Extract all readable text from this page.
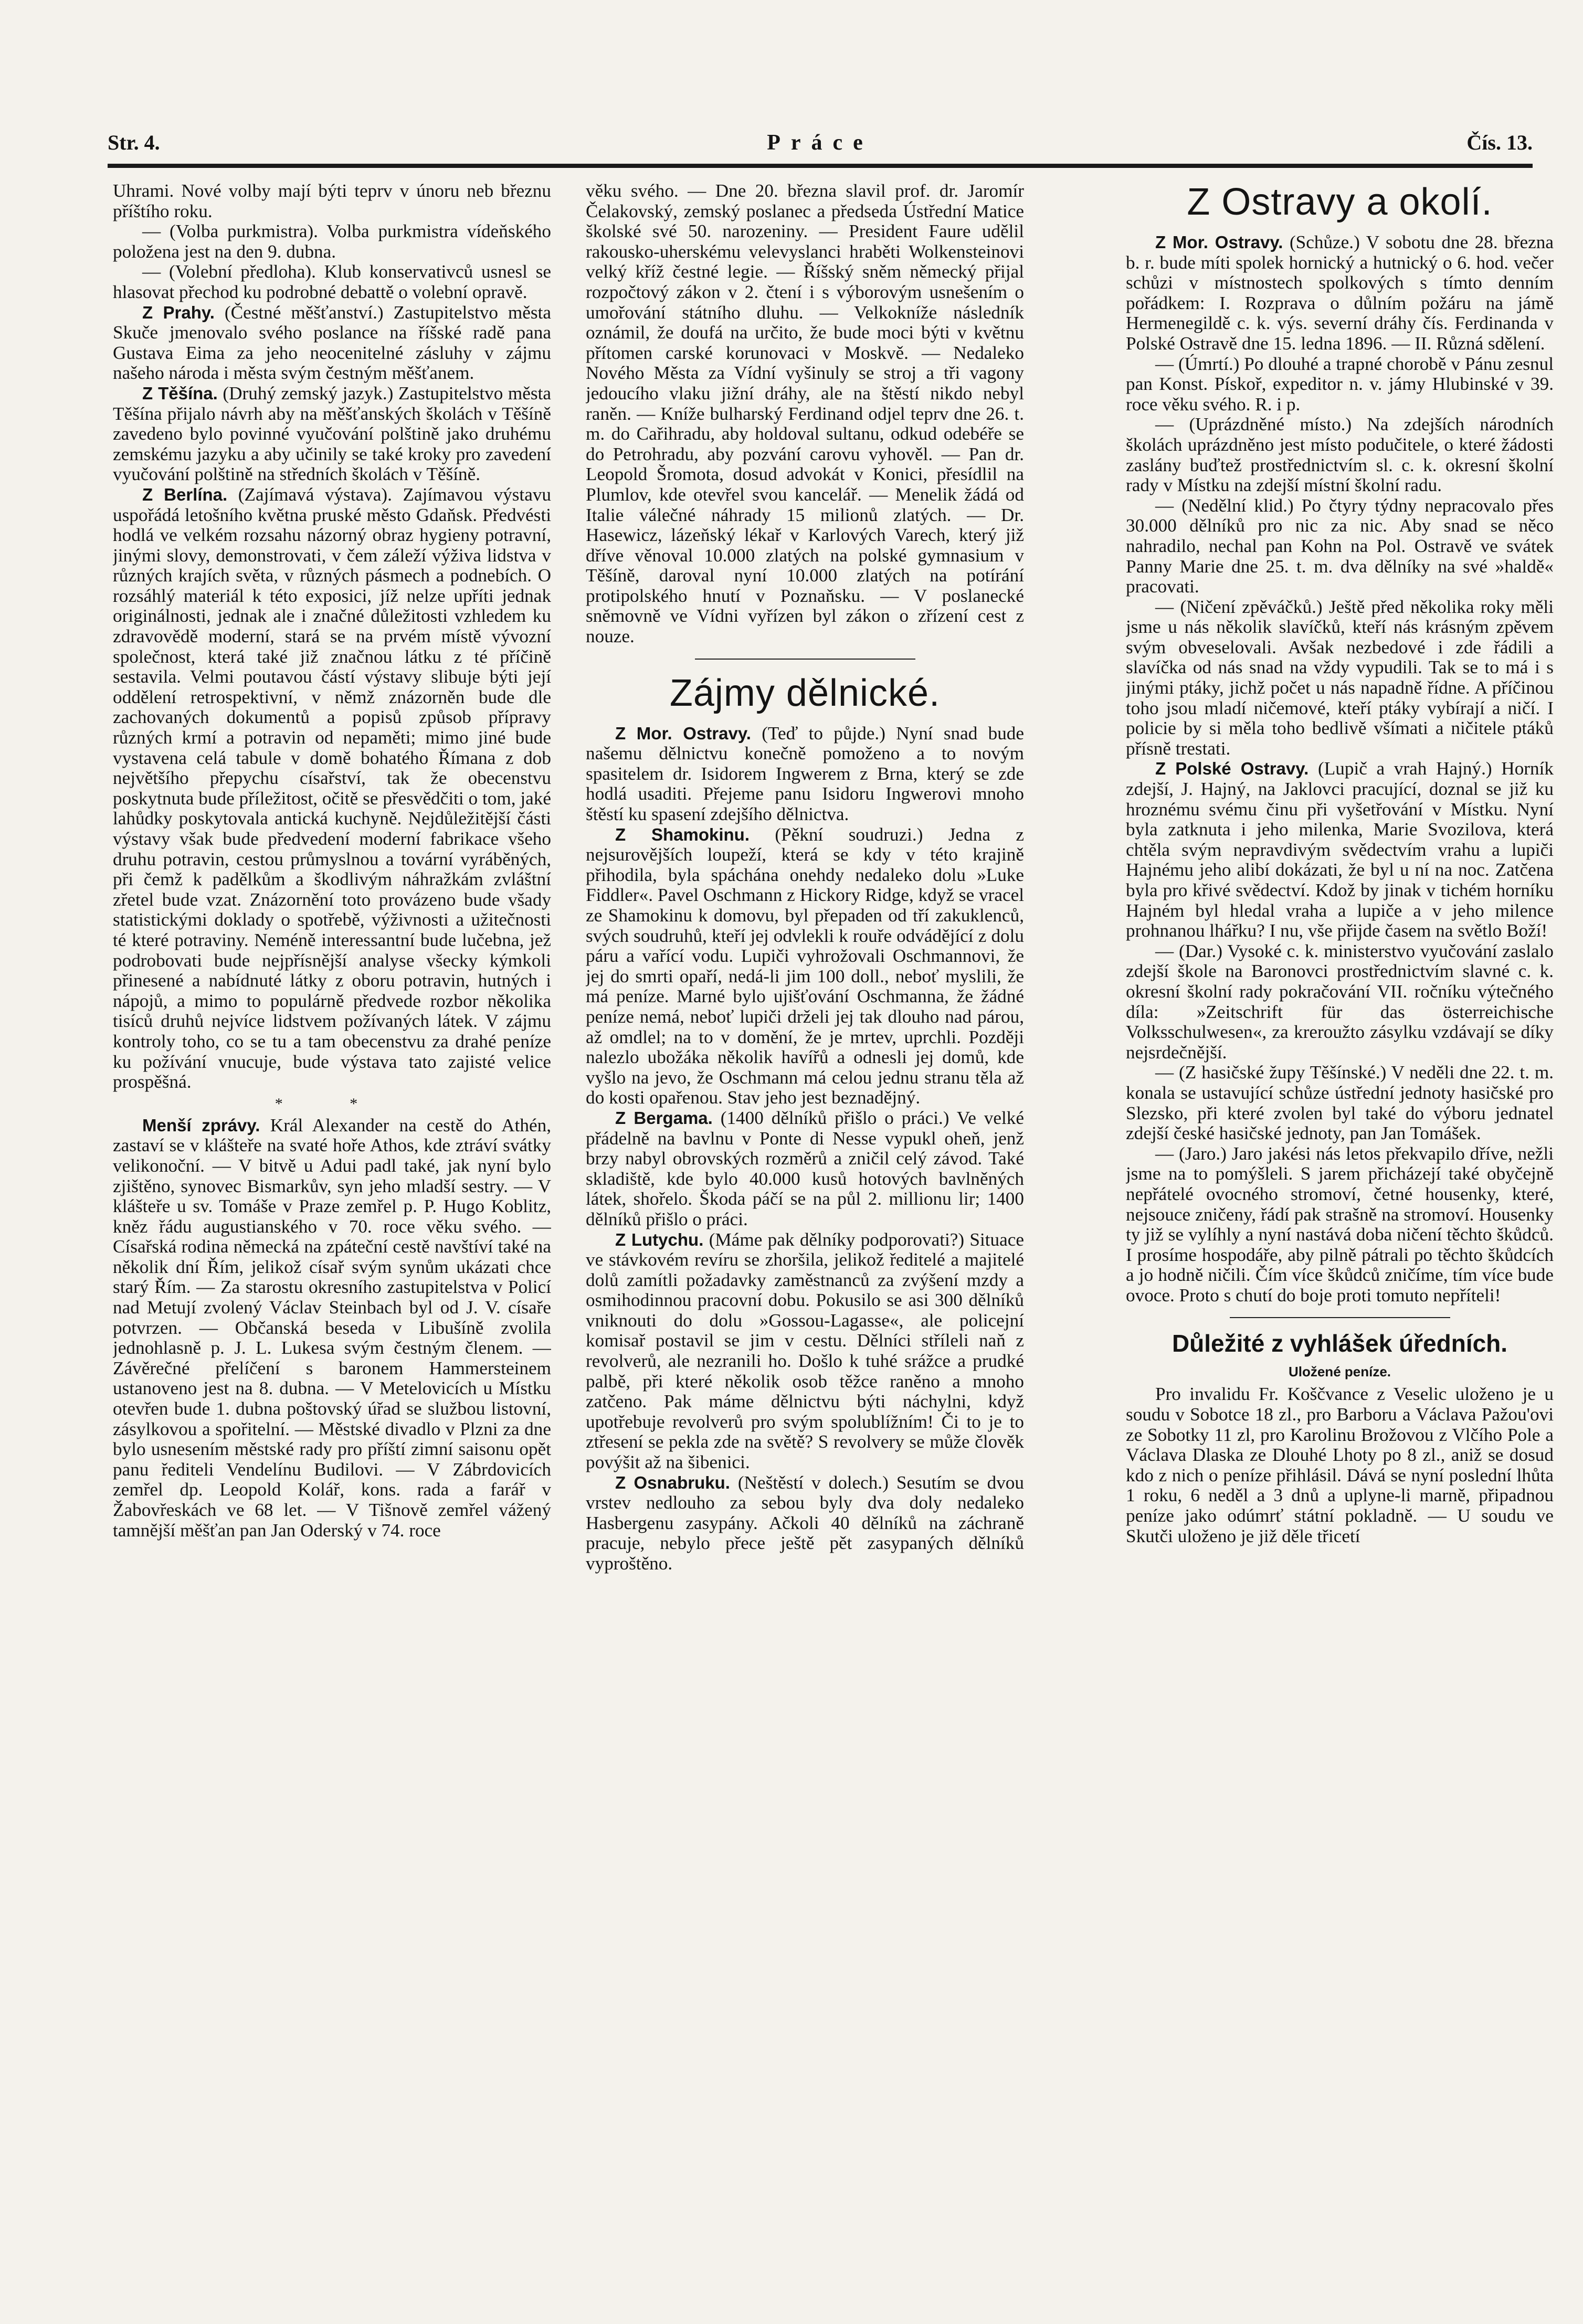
Str. 4.	Práce	Čís. 13.

Uhrami. Nové volby mají býti teprv v únoru neb březnu příštího roku.

— (Volba purkmistra). Volba purkmistra vídeňského položena jest na den 9. dubna.

— (Volební předloha). Klub konservativců usnesl se hlasovat přechod ku podrobné debattě o volební opravě.

Z Prahy. (Čestné měšťanství.) Zastupitelstvo města Skuče jmenovalo svého poslance na říšské radě pana Gustava Eima za jeho neocenitelné zásluhy v zájmu našeho národa i města svým čestným měšťanem.

Z Těšína. (Druhý zemský jazyk.) Zastupitelstvo města Těšína přijalo návrh aby na měšťanských školách v Těšíně zavedeno bylo povinné vyučování polštině jako druhému zemskému jazyku a aby učinily se také kroky pro zavedení vyučování polštině na středních školách v Těšíně.

Z Berlína. (Zajímavá výstava). Zajímavou výstavu uspořádá letošního května pruské město Gdaňsk. Předvésti hodlá ve velkém rozsahu názorný obraz hygieny potravní, jinými slovy, demonstrovati, v čem záleží výživa lidstva v různých krajích světa, v různých pásmech a podnebích. O rozsáhlý materiál k této exposici, jíž nelze upříti jednak originálnosti, jednak ale i značné důležitosti vzhledem ku zdravovědě moderní, stará se na prvém místě vývozní společnost, která také již značnou látku z té příčině sestavila. Velmi poutavou částí výstavy slibuje býti její oddělení retrospektivní, v němž znázorněn bude dle zachovaných dokumentů a popisů způsob přípravy různých krmí a potravin od nepaměti; mimo jiné bude vystavena celá tabule v domě bohatého Římana z dob největšího přepychu císařství, tak že obecenstvu poskytnuta bude příležitost, očitě se přesvědčiti o tom, jaké lahůdky poskytovala antická kuchyně. Nejdůležitější části výstavy však bude předvedení moderní fabrikace všeho druhu potravin, cestou průmyslnou a tovární vyráběných, při čemž k padělkům a škodlivým náhražkám zvláštní zřetel bude vzat. Znázornění toto provázeno bude všady statistickými doklady o spotřebě, výživnosti a užitečnosti té které potraviny. Neméně interessantní bude lučebna, jež podrobovati bude nejpřísnější analyse všecky kýmkoli přinesené a nabídnuté látky z oboru potravin, hutných i nápojů, a mimo to populárně předvede rozbor několika tisíců druhů nejvíce lidstvem požívaných látek. V zájmu kontroly toho, co se tu a tam obecenstvu za drahé peníze ku požívání vnucuje, bude výstava tato zajisté velice prospěšná.

* *

Menší zprávy. Král Alexander na cestě do Athén, zastaví se v klášteře na svaté hoře Athos, kde ztráví svátky velikonoční. — V bitvě u Adui padl také, jak nyní bylo zjištěno, synovec Bismarkův, syn jeho mladší sestry. — V klášteře u sv. Tomáše v Praze zemřel p. P. Hugo Koblitz, kněz řádu augustianského v 70. roce věku svého. — Císařská rodina německá na zpáteční cestě navštíví také na několik dní Řím, jelikož císař svým synům ukázati chce starý Řím. — Za starostu okresního zastupitelstva v Policí nad Metují zvolený Václav Steinbach byl od J. V. císaře potvrzen. — Občanská beseda v Libušíně zvolila jednohlasně p. J. L. Lukesa svým čestným členem. — Závěrečné přelíčení s baronem Hammersteinem ustanoveno jest na 8. dubna. — V Metelovicích u Místku otevřen bude 1. dubna poštovský úřad se službou listovní, zásylkovou a spořitelní. — Městské divadlo v Plzni za dne bylo usnesením městské rady pro příští zimní saisonu opět panu řediteli Vendelínu Budilovi. — V Zábrdovicích zemřel dp. Leopold Kolář, kons. rada a farář v Žabovřeskách ve 68 let. — V Tišnově zemřel vážený tamnější měšťan pan Jan Oderský v 74. roce

věku svého. — Dne 20. března slavil prof. dr. Jaromír Čelakovský, zemský poslanec a předseda Ústřední Matice školské své 50. narozeniny. — President Faure udělil rakousko-uherskému velevyslanci hraběti Wolkensteinovi velký kříž čestné legie. — Říšský sněm německý přijal rozpočtový zákon v 2. čtení i s výborovým usnešením o umořování státního dluhu. — Velkokníže následník oznámil, že doufá na určito, že bude moci býti v květnu přítomen carské korunovaci v Moskvě. — Nedaleko Nového Města za Vídní vyšinuly se stroj a tři vagony jedoucího vlaku jižní dráhy, ale na štěstí nikdo nebyl raněn. — Kníže bulharský Ferdinand odjel teprv dne 26. t. m. do Cařihradu, aby holdoval sultanu, odkud odebéře se do Petrohradu, aby pozvání carovu vyhověl. — Pan dr. Leopold Šromota, dosud advokát v Konici, přesídlil na Plumlov, kde otevřel svou kancelář. — Menelik žádá od Italie válečné náhrady 15 milionů zlatých. — Dr. Hasewicz, lázeňský lékař v Karlových Varech, který již dříve věnoval 10.000 zlatých na polské gymnasium v Těšíně, daroval nyní 10.000 zlatých na potírání protipolského hnutí v Poznaňsku. — V poslanecké sněmovně ve Vídni vyřízen byl zákon o zřízení cest z nouze.

Zájmy dělnické.

Z Mor. Ostravy. (Teď to půjde.) Nyní snad bude našemu dělnictvu konečně pomoženo a to novým spasitelem dr. Isidorem Ingwerem z Brna, který se zde hodlá usaditi. Přejeme panu Isidoru Ingwerovi mnoho štěstí ku spasení zdejšího dělnictva.

Z Shamokinu. (Pěkní soudruzi.) Jedna z nejsurovějších loupeží, která se kdy v této krajině přihodila, byla spáchána onehdy nedaleko dolu »Luke Fiddler«. Pavel Oschmann z Hickory Ridge, když se vracel ze Shamokinu k domovu, byl přepaden od tří zakuklenců, svých soudruhů, kteří jej odvlekli k rouře odvádějící z dolu páru a vařící vodu. Lupiči vyhrožovali Oschmannovi, že jej do smrti opaří, nedá-li jim 100 doll., neboť myslili, že má peníze. Marné bylo ujišťování Oschmanna, že žádné peníze nemá, neboť lupiči drželi jej tak dlouho nad párou, až omdlel; na to v domění, že je mrtev, uprchli. Později nalezlo ubožáka několik havířů a odnesli jej domů, kde vyšlo na jevo, že Oschmann má celou jednu stranu těla až do kosti opařenou. Stav jeho jest beznadějný.

Z Bergama. (1400 dělníků přišlo o práci.) Ve velké přádelně na bavlnu v Ponte di Nesse vypukl oheň, jenž brzy nabyl obrovských rozměrů a zničil celý závod. Také skladiště, kde bylo 40.000 kusů hotových bavlněných látek, shořelo. Škoda páčí se na půl 2. millionu lir; 1400 dělníků přišlo o práci.

Z Lutychu. (Máme pak dělníky podporovati?) Situace ve stávkovém revíru se zhoršila, jelikož ředitelé a majitelé dolů zamítli požadavky zaměstnanců za zvýšení mzdy a osmihodinnou pracovní dobu. Pokusilo se asi 300 dělníků vniknouti do dolu »Gossou-Lagasse«, ale policejní komisař postavil se jim v cestu. Dělníci stříleli naň z revolverů, ale nezranili ho. Došlo k tuhé srážce a prudké palbě, při které několik osob těžce raněno a mnoho zatčeno. Pak máme dělnictvu býti náchylni, když upotřebuje revolverů pro svým spolublížním! Či to je to ztřesení se pekla zde na světě? S revolvery se může člověk povýšit až na šibenici.

Z Osnabruku. (Neštěstí v dolech.) Sesutím se dvou vrstev nedlouho za sebou byly dva doly nedaleko Hasbergenu zasypány. Ačkoli 40 dělníků na záchraně pracuje, nebylo přece ještě pět zasypaných dělníků vyproštěno.

Z Ostravy a okolí.

Z Mor. Ostravy. (Schůze.) V sobotu dne 28. března b. r. bude míti spolek hornický a hutnický o 6. hod. večer schůzi v místnostech spolkových s tímto denním pořádkem: I. Rozprava o důlním požáru na jámě Hermenegildě c. k. výs. severní dráhy čís. Ferdinanda v Polské Ostravě dne 15. ledna 1896. — II. Různá sdělení.

— (Úmrtí.) Po dlouhé a trapné chorobě v Pánu zesnul pan Konst. Pískoř, expeditor n. v. jámy Hlubinské v 39. roce věku svého. R. i p.

— (Uprázdněné místo.) Na zdejších národních školách uprázdněno jest místo podučitele, o které žádosti zaslány buďtež prostřednictvím sl. c. k. okresní školní rady v Místku na zdejší místní školní radu.

— (Nedělní klid.) Po čtyry týdny nepracovalo přes 30.000 dělníků pro nic za nic. Aby snad se něco nahradilo, nechal pan Kohn na Pol. Ostravě ve svátek Panny Marie dne 25. t. m. dva dělníky na své »haldě« pracovati.

— (Ničení zpěváčků.) Ještě před několika roky měli jsme u nás několik slavíčků, kteří nás krásným zpěvem svým obveselovali. Avšak nezbedové i zde řádili a slavíčka od nás snad na vždy vypudili. Tak se to má i s jinými ptáky, jichž počet u nás napadně řídne. A příčinou toho jsou mladí ničemové, kteří ptáky vybírají a ničí. I policie by si měla toho bedlivě všímati a ničitele ptáků přísně trestati.

Z Polské Ostravy. (Lupič a vrah Hajný.) Horník zdejší, J. Hajný, na Jaklovci pracující, doznal se již ku hroznému svému činu při vyšetřování v Místku. Nyní byla zatknuta i jeho milenka, Marie Svozilova, která chtěla svým nepravdivým svědectvím vrahu a lupiči Hajnému jeho alibí dokázati, že byl u ní na noc. Zatčena byla pro křivé svědectví. Kdož by jinak v tichém horníku Hajném byl hledal vraha a lupiče a v jeho milence prohnanou lhářku? I nu, vše přijde časem na světlo Boží!

— (Dar.) Vysoké c. k. ministerstvo vyučování zaslalo zdejší škole na Baronovci prostřednictvím slavné c. k. okresní školní rady pokračování VII. ročníku výtečného díla: »Zeitschrift für das österreichische Volksschulwesen«, za kreroužto zásylku vzdávají se díky nejsrdečnější.

— (Z hasičské župy Těšínské.) V neděli dne 22. t. m. konala se ustavující schůze ústřední jednoty hasičské pro Slezsko, při které zvolen byl také do výboru jednatel zdejší české hasičské jednoty, pan Jan Tomášek.

— (Jaro.) Jaro jakési nás letos překvapilo dříve, nežli jsme na to pomýšleli. S jarem přicházejí také obyčejně nepřátelé ovocného stromoví, četné housenky, které, nejsouce zničeny, řádí pak strašně na stromoví. Housenky ty již se vylíhly a nyní nastává doba ničení těchto škůdců. I prosíme hospodáře, aby pilně pátrali po těchto škůdcích a jo hodně ničili. Čím více škůdců zničíme, tím více bude ovoce. Proto s chutí do boje proti tomuto nepříteli!

Důležité z vyhlášek úředních.
Uložené peníze.

Pro invalidu Fr. Koščvance z Veselic uloženo je u soudu v Sobotce 18 zl., pro Barboru a Václava Pažou'ovi ze Sobotky 11 zl, pro Karolinu Brožovou z Vlčího Pole a Václava Dlaska ze Dlouhé Lhoty po 8 zl., aniž se dosud kdo z nich o peníze přihlásil. Dává se nyní poslední lhůta 1 roku, 6 neděl a 3 dnů a uplyne-li marně, připadnou peníze jako odúmrť státní pokladně. — U soudu ve Skutči uloženo je již děle třicetí
